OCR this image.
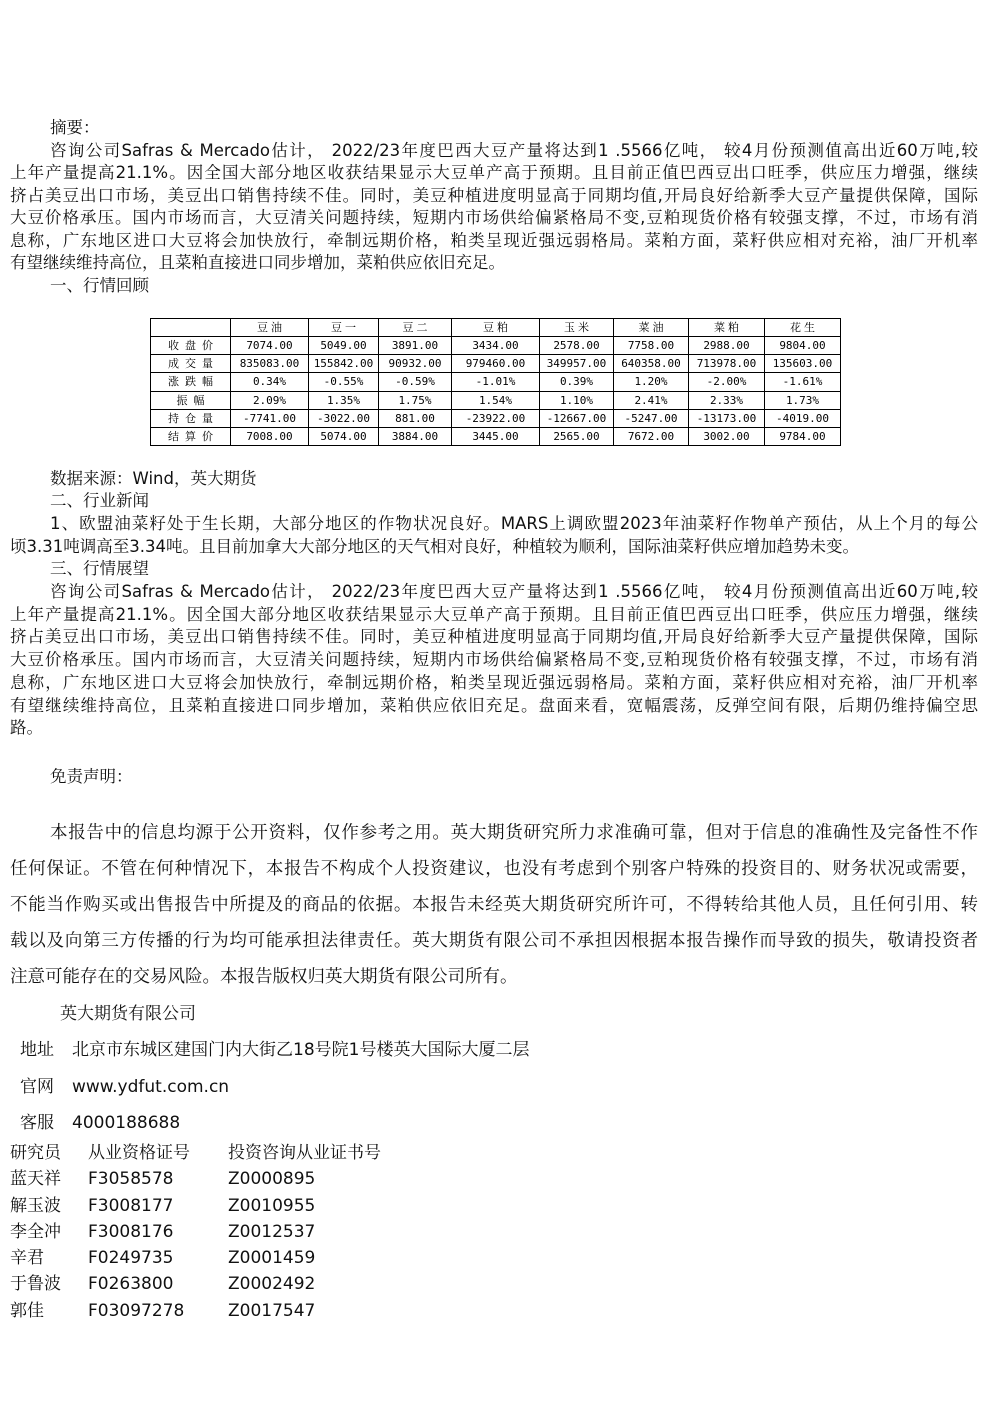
摘要：
咨询公司Safras & Mercado估计， 2022/23年度巴西大豆产量将达到1 .5566亿吨， 较4月份预测值高出近60万吨,较
上年产量提高21.1%。因全国大部分地区收获结果显示大豆单产高于预期。且目前正值巴西豆出口旺季，供应压力增强，继续
挤占美豆出口市场，美豆出口销售持续不佳。同时，美豆种植进度明显高于同期均值,开局良好给新季大豆产量提供保障，国际
大豆价格承压。国内市场而言，大豆清关问题持续，短期内市场供给偏紧格局不变,豆粕现货价格有较强支撑，不过，市场有消
息称，广东地区进口大豆将会加快放行，牵制远期价格，粕类呈现近强远弱格局。菜粕方面，菜籽供应相对充裕，油厂开机率
有望继续维持高位，且菜粕直接进口同步增加，菜粕供应依旧充足。
一、行情回顾
	豆油	豆一	豆二	豆粕	玉米	菜油	菜粕	花生
收盘价	7074.00	5049.00	3891.00	3434.00	2578.00	7758.00	2988.00	9804.00
成交量	835083.00	155842.00	90932.00	979460.00	349957.00	640358.00	713978.00	135603.00
涨跌幅	0.34%	-0.55%	-0.59%	-1.01%	0.39%	1.20%	-2.00%	-1.61%
振幅	2.09%	1.35%	1.75%	1.54%	1.10%	2.41%	2.33%	1.73%
持仓量	-7741.00	-3022.00	881.00	-23922.00	-12667.00	-5247.00	-13173.00	-4019.00
结算价	7008.00	5074.00	3884.00	3445.00	2565.00	7672.00	3002.00	9784.00
数据来源：Wind，英大期货
二、行业新闻
1、欧盟油菜籽处于生长期，大部分地区的作物状况良好。MARS上调欧盟2023年油菜籽作物单产预估，从上个月的每公
顷3.31吨调高至3.34吨。且目前加拿大大部分地区的天气相对良好，种植较为顺利，国际油菜籽供应增加趋势未变。
三、行情展望
咨询公司Safras & Mercado估计， 2022/23年度巴西大豆产量将达到1 .5566亿吨， 较4月份预测值高出近60万吨,较
上年产量提高21.1%。因全国大部分地区收获结果显示大豆单产高于预期。且目前正值巴西豆出口旺季，供应压力增强，继续
挤占美豆出口市场，美豆出口销售持续不佳。同时，美豆种植进度明显高于同期均值,开局良好给新季大豆产量提供保障，国际
大豆价格承压。国内市场而言，大豆清关问题持续，短期内市场供给偏紧格局不变,豆粕现货价格有较强支撑，不过，市场有消
息称，广东地区进口大豆将会加快放行，牵制远期价格，粕类呈现近强远弱格局。菜粕方面，菜籽供应相对充裕，油厂开机率
有望继续维持高位，且菜粕直接进口同步增加，菜粕供应依旧充足。盘面来看，宽幅震荡，反弹空间有限，后期仍维持偏空思
路。
免责声明：
本报告中的信息均源于公开资料，仅作参考之用。英大期货研究所力求准确可靠，但对于信息的准确性及完备性不作
任何保证。不管在何种情况下，本报告不构成个人投资建议，也没有考虑到个别客户特殊的投资目的、财务状况或需要，
不能当作购买或出售报告中所提及的商品的依据。本报告未经英大期货研究所许可，不得转给其他人员，且任何引用、转
载以及向第三方传播的行为均可能承担法律责任。英大期货有限公司不承担因根据本报告操作而导致的损失，敬请投资者
注意可能存在的交易风险。本报告版权归英大期货有限公司所有。
英大期货有限公司
地址 北京市东城区建国门内大街乙18号院1号楼英大国际大厦二层
官网 www.ydfut.com.cn
客服 4000188688
研究员 从业资格证号 投资咨询从业证书号
蓝天祥 F3058578	Z0000895
解玉波 F3008177	Z0010955
李全冲 F3008176	Z0012537
辛君	F0249735	Z0001459
于鲁波 F0263800	Z0002492
郭佳	F03097278	Z0017547
